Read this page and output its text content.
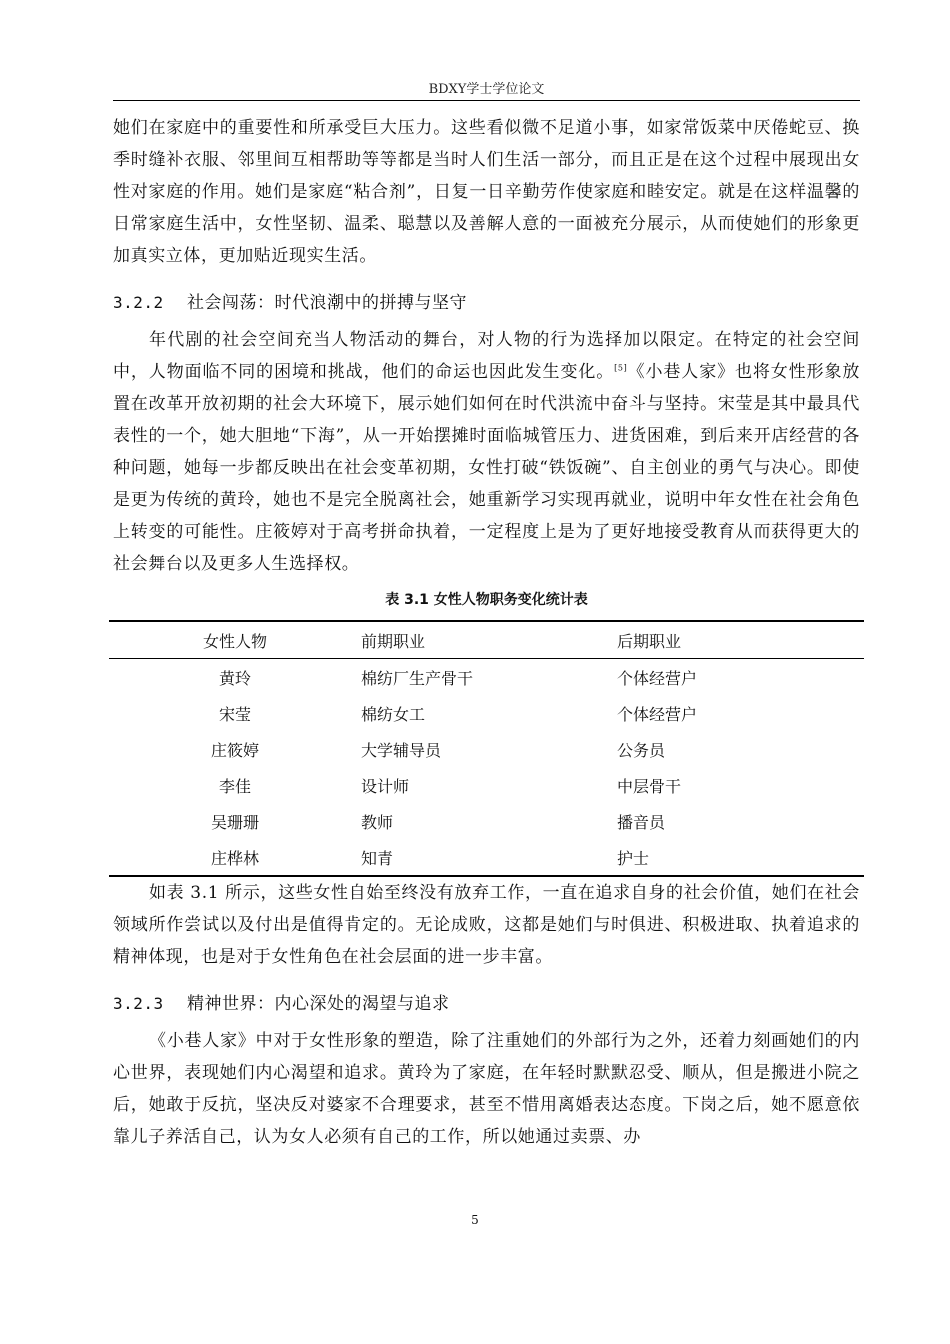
BDXY学士学位论文

她们在家庭中的重要性和所承受巨大压力。这些看似微不足道小事，如家常饭菜中厌倦蛇豆、换季时缝补衣服、邻里间互相帮助等等都是当时人们生活一部分，而且正是在这个过程中展现出女性对家庭的作用。她们是家庭“粘合剂”，日复一日辛勤劳作使家庭和睦安定。就是在这样温馨的日常家庭生活中，女性坚韧、温柔、聪慧以及善解人意的一面被充分展示，从而使她们的形象更加真实立体，更加贴近现实生活。

3.2.2	社会闯荡：时代浪潮中的拼搏与坚守

年代剧的社会空间充当人物活动的舞台，对人物的行为选择加以限定。在特定的社会空间中，人物面临不同的困境和挑战，他们的命运也因此发生变化。[5]《小巷人家》也将女性形象放置在改革开放初期的社会大环境下，展示她们如何在时代洪流中奋斗与坚持。宋莹是其中最具代表性的一个，她大胆地“下海”，从一开始摆摊时面临城管压力、进货困难，到后来开店经营的各种问题，她每一步都反映出在社会变革初期，女性打破“铁饭碗”、自主创业的勇气与决心。即使是更为传统的黄玲，她也不是完全脱离社会，她重新学习实现再就业，说明中年女性在社会角色上转变的可能性。庄筱婷对于高考拼命执着，一定程度上是为了更好地接受教育从而获得更大的社会舞台以及更多人生选择权。

表 3.1 女性人物职务变化统计表
女性人物	前期职业	后期职业
黄玲	棉纺厂生产骨干	个体经营户
宋莹	棉纺女工	个体经营户
庄筱婷	大学辅导员	公务员
李佳	设计师	中层骨干
吴珊珊	教师	播音员
庄桦林	知青	护士

如表 3.1 所示，这些女性自始至终没有放弃工作，一直在追求自身的社会价值，她们在社会领域所作尝试以及付出是值得肯定的。无论成败，这都是她们与时俱进、积极进取、执着追求的精神体现，也是对于女性角色在社会层面的进一步丰富。

3.2.3	精神世界：内心深处的渴望与追求

《小巷人家》中对于女性形象的塑造，除了注重她们的外部行为之外，还着力刻画她们的内心世界，表现她们内心渴望和追求。黄玲为了家庭，在年轻时默默忍受、顺从，但是搬进小院之后，她敢于反抗，坚决反对婆家不合理要求，甚至不惜用离婚表达态度。下岗之后，她不愿意依靠儿子养活自己，认为女人必须有自己的工作，所以她通过卖票、办

5
